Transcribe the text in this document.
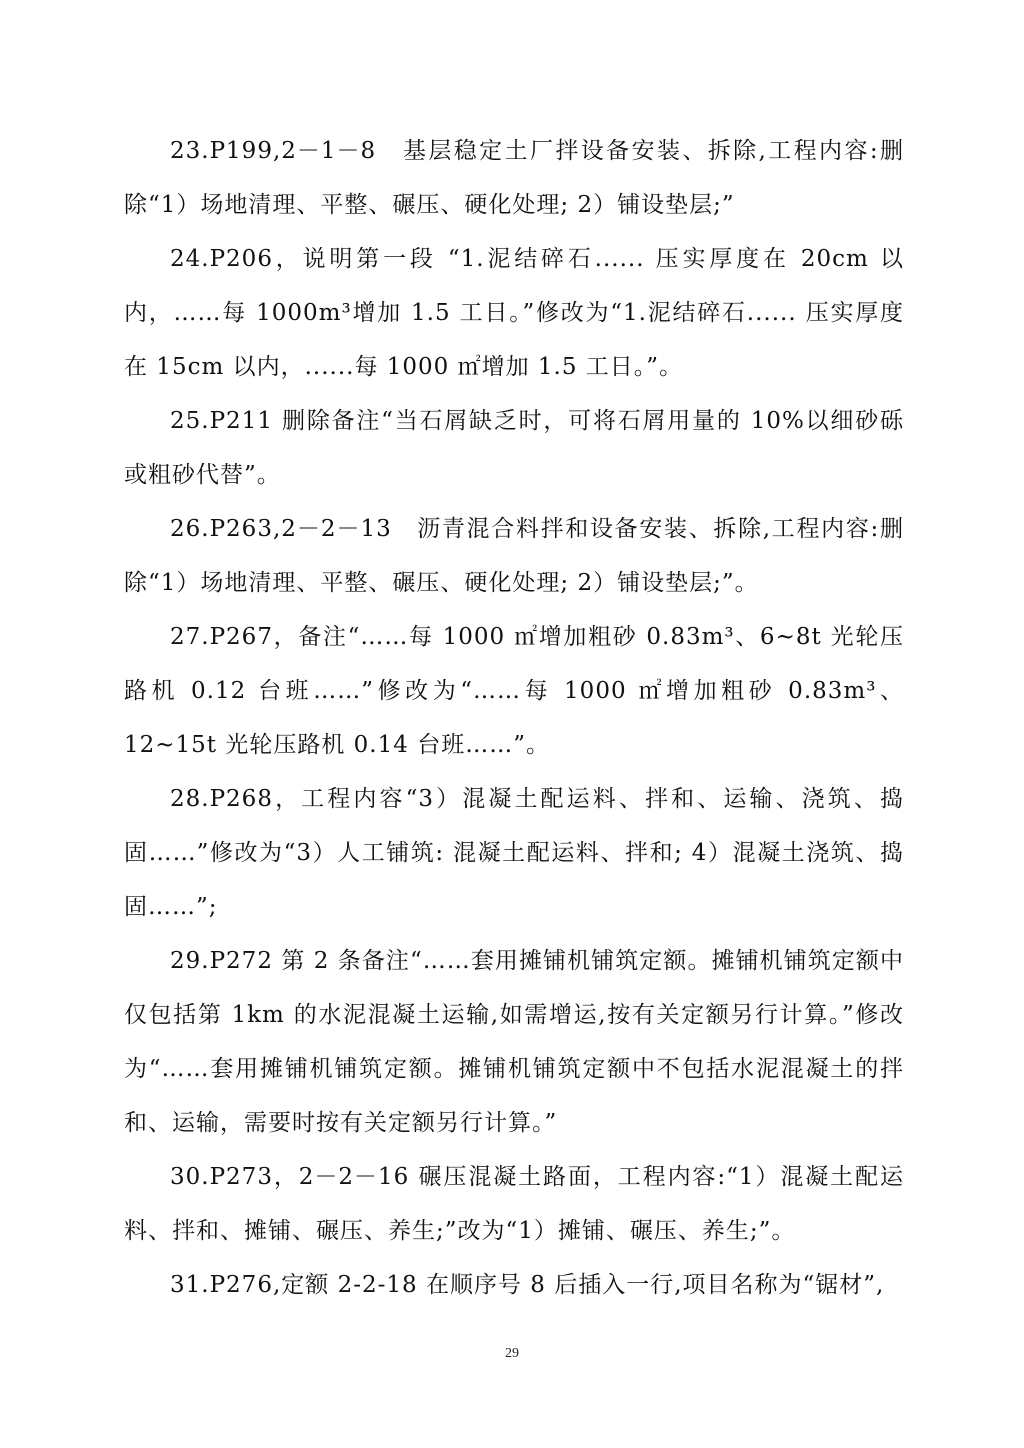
23.P199,2－1－8　基层稳定土厂拌设备安装、拆除,工程内容:删除“1）场地清理、平整、碾压、硬化处理; 2）铺设垫层;”

24.P206，说明第一段 “1.泥结碎石...... 压实厚度在 20cm 以内，……每 1000m³增加 1.5 工日。”修改为“1.泥结碎石...... 压实厚度在 15cm 以内，......每 1000 ㎡增加 1.5 工日。”。

25.P211 删除备注“当石屑缺乏时，可将石屑用量的 10%以细砂砾或粗砂代替”。

26.P263,2－2－13　沥青混合料拌和设备安装、拆除,工程内容:删除“1）场地清理、平整、碾压、硬化处理; 2）铺设垫层;”。

27.P267，备注“……每 1000 ㎡增加粗砂 0.83m³、6~8t 光轮压路机 0.12 台班……”修改为“……每 1000 ㎡增加粗砂 0.83m³、12~15t 光轮压路机 0.14 台班……”。

28.P268，工程内容“3）混凝土配运料、拌和、运输、浇筑、捣固……”修改为“3）人工铺筑: 混凝土配运料、拌和; 4）混凝土浇筑、捣固……”;

29.P272 第 2 条备注“……套用摊铺机铺筑定额。摊铺机铺筑定额中仅包括第 1km 的水泥混凝土运输,如需增运,按有关定额另行计算。”修改为“……套用摊铺机铺筑定额。摊铺机铺筑定额中不包括水泥混凝土的拌和、运输，需要时按有关定额另行计算。”

30.P273，2－2－16 碾压混凝土路面，工程内容:“1）混凝土配运料、拌和、摊铺、碾压、养生;”改为“1）摊铺、碾压、养生;”。

31.P276,定额 2-2-18 在顺序号 8 后插入一行,项目名称为“锯材”,

29
